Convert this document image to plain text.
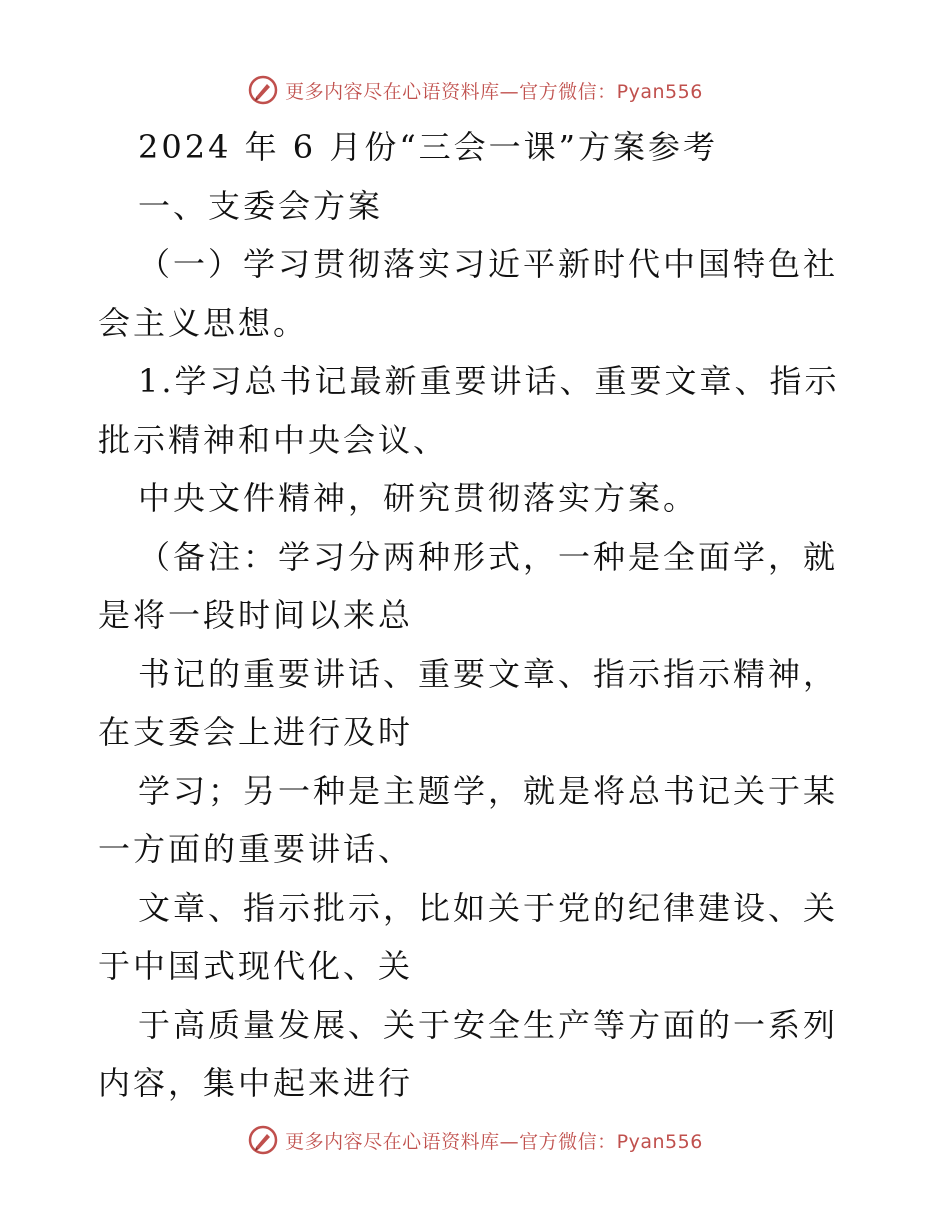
更多内容尽在心语资料库—官方微信：Pyan556

2024 年 6 月份“三会一课”方案参考

一、支委会方案

（一）学习贯彻落实习近平新时代中国特色社会主义思想。

1.学习总书记最新重要讲话、重要文章、指示批示精神和中央会议、

中央文件精神，研究贯彻落实方案。

（备注：学习分两种形式，一种是全面学，就是将一段时间以来总

书记的重要讲话、重要文章、指示指示精神，在支委会上进行及时

学习；另一种是主题学，就是将总书记关于某一方面的重要讲话、

文章、指示批示，比如关于党的纪律建设、关于中国式现代化、关

于高质量发展、关于安全生产等方面的一系列内容，集中起来进行

更多内容尽在心语资料库—官方微信：Pyan556
